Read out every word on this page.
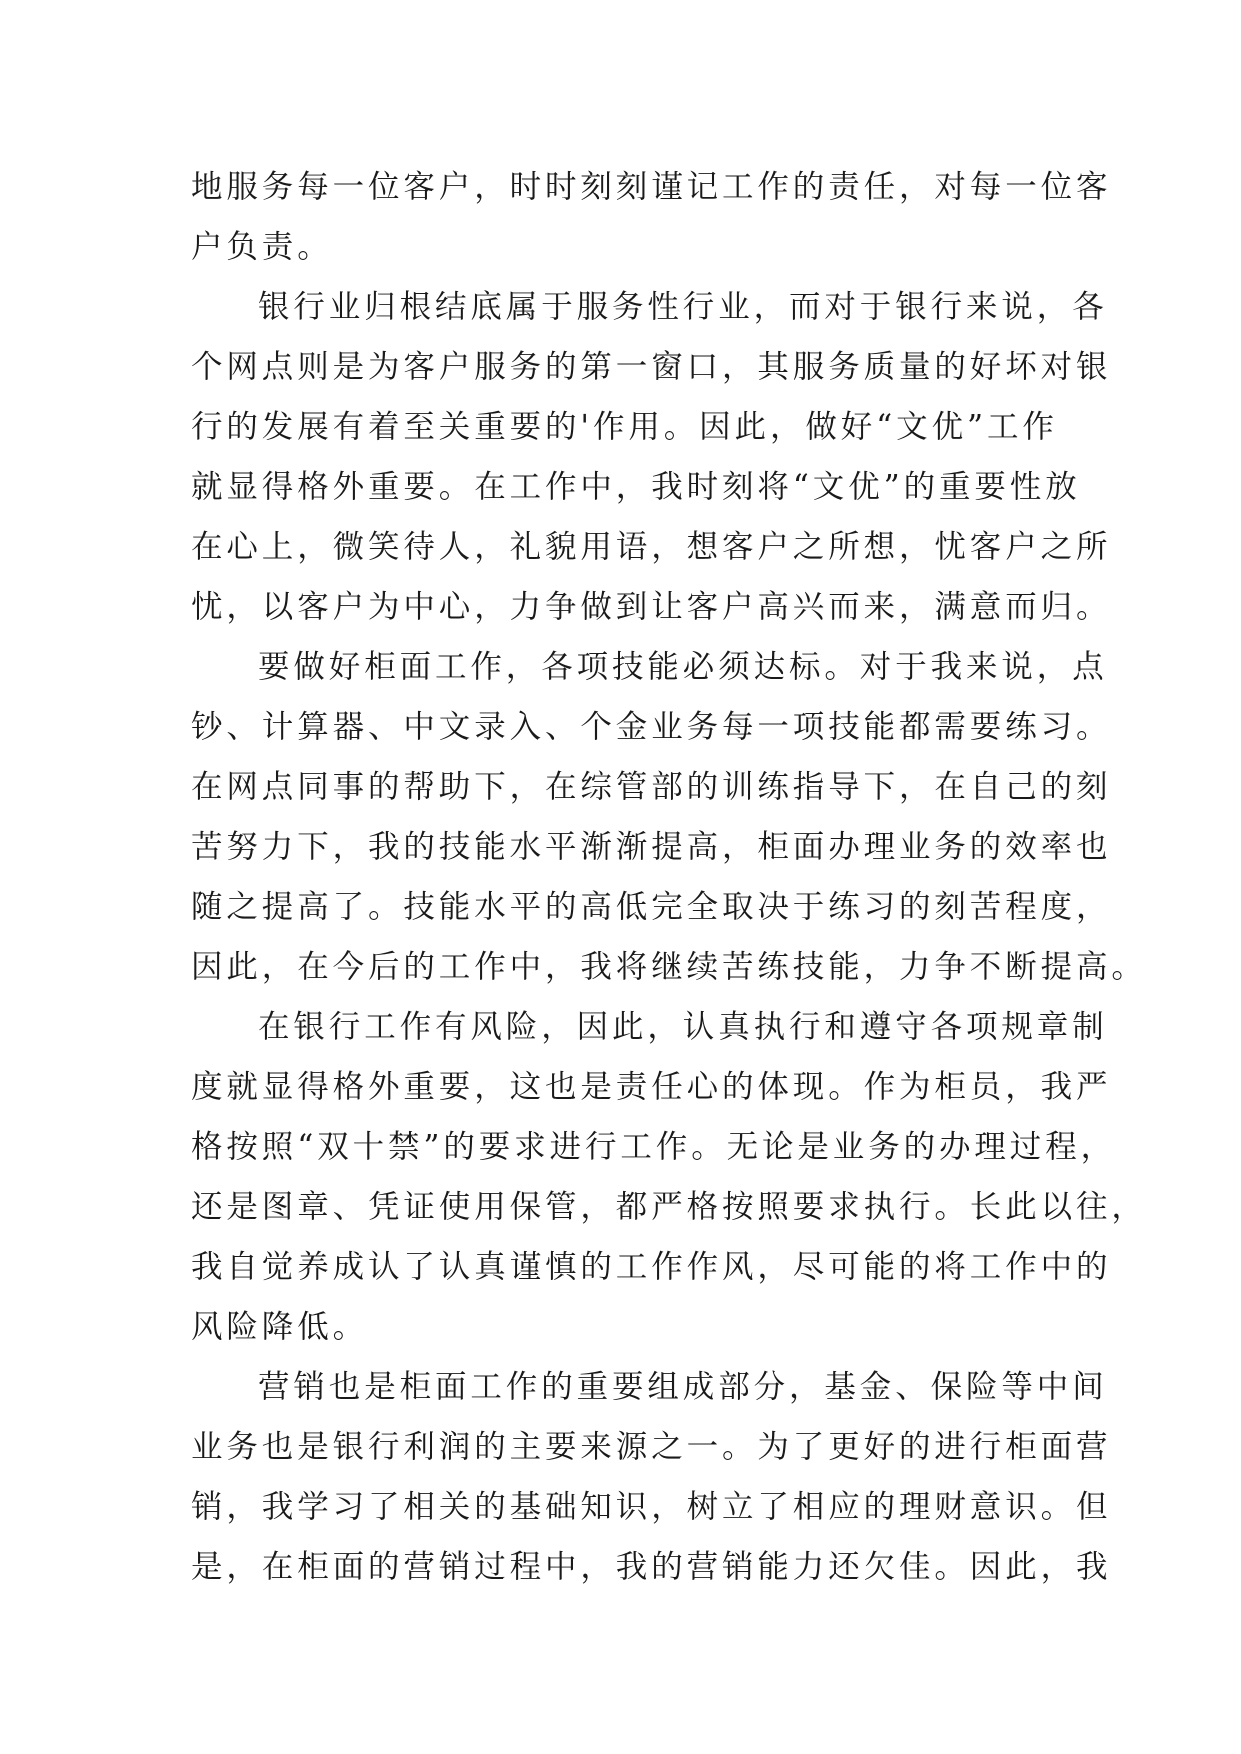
地服务每一位客户，时时刻刻谨记工作的责任，对每一位客
户负责。
银行业归根结底属于服务性行业，而对于银行来说，各
个网点则是为客户服务的第一窗口，其服务质量的好坏对银
行的发展有着至关重要的'作用。因此，做好“文优”工作
就显得格外重要。在工作中，我时刻将“文优”的重要性放
在心上，微笑待人，礼貌用语，想客户之所想，忧客户之所
忧，以客户为中心，力争做到让客户高兴而来，满意而归。
要做好柜面工作，各项技能必须达标。对于我来说，点
钞、计算器、中文录入、个金业务每一项技能都需要练习。
在网点同事的帮助下，在综管部的训练指导下，在自己的刻
苦努力下，我的技能水平渐渐提高，柜面办理业务的效率也
随之提高了。技能水平的高低完全取决于练习的刻苦程度，
因此，在今后的工作中，我将继续苦练技能，力争不断提高。
在银行工作有风险，因此，认真执行和遵守各项规章制
度就显得格外重要，这也是责任心的体现。作为柜员，我严
格按照“双十禁”的要求进行工作。无论是业务的办理过程，
还是图章、凭证使用保管，都严格按照要求执行。长此以往，
我自觉养成认了认真谨慎的工作作风，尽可能的将工作中的
风险降低。
营销也是柜面工作的重要组成部分，基金、保险等中间
业务也是银行利润的主要来源之一。为了更好的进行柜面营
销，我学习了相关的基础知识，树立了相应的理财意识。但
是，在柜面的营销过程中，我的营销能力还欠佳。因此，我
